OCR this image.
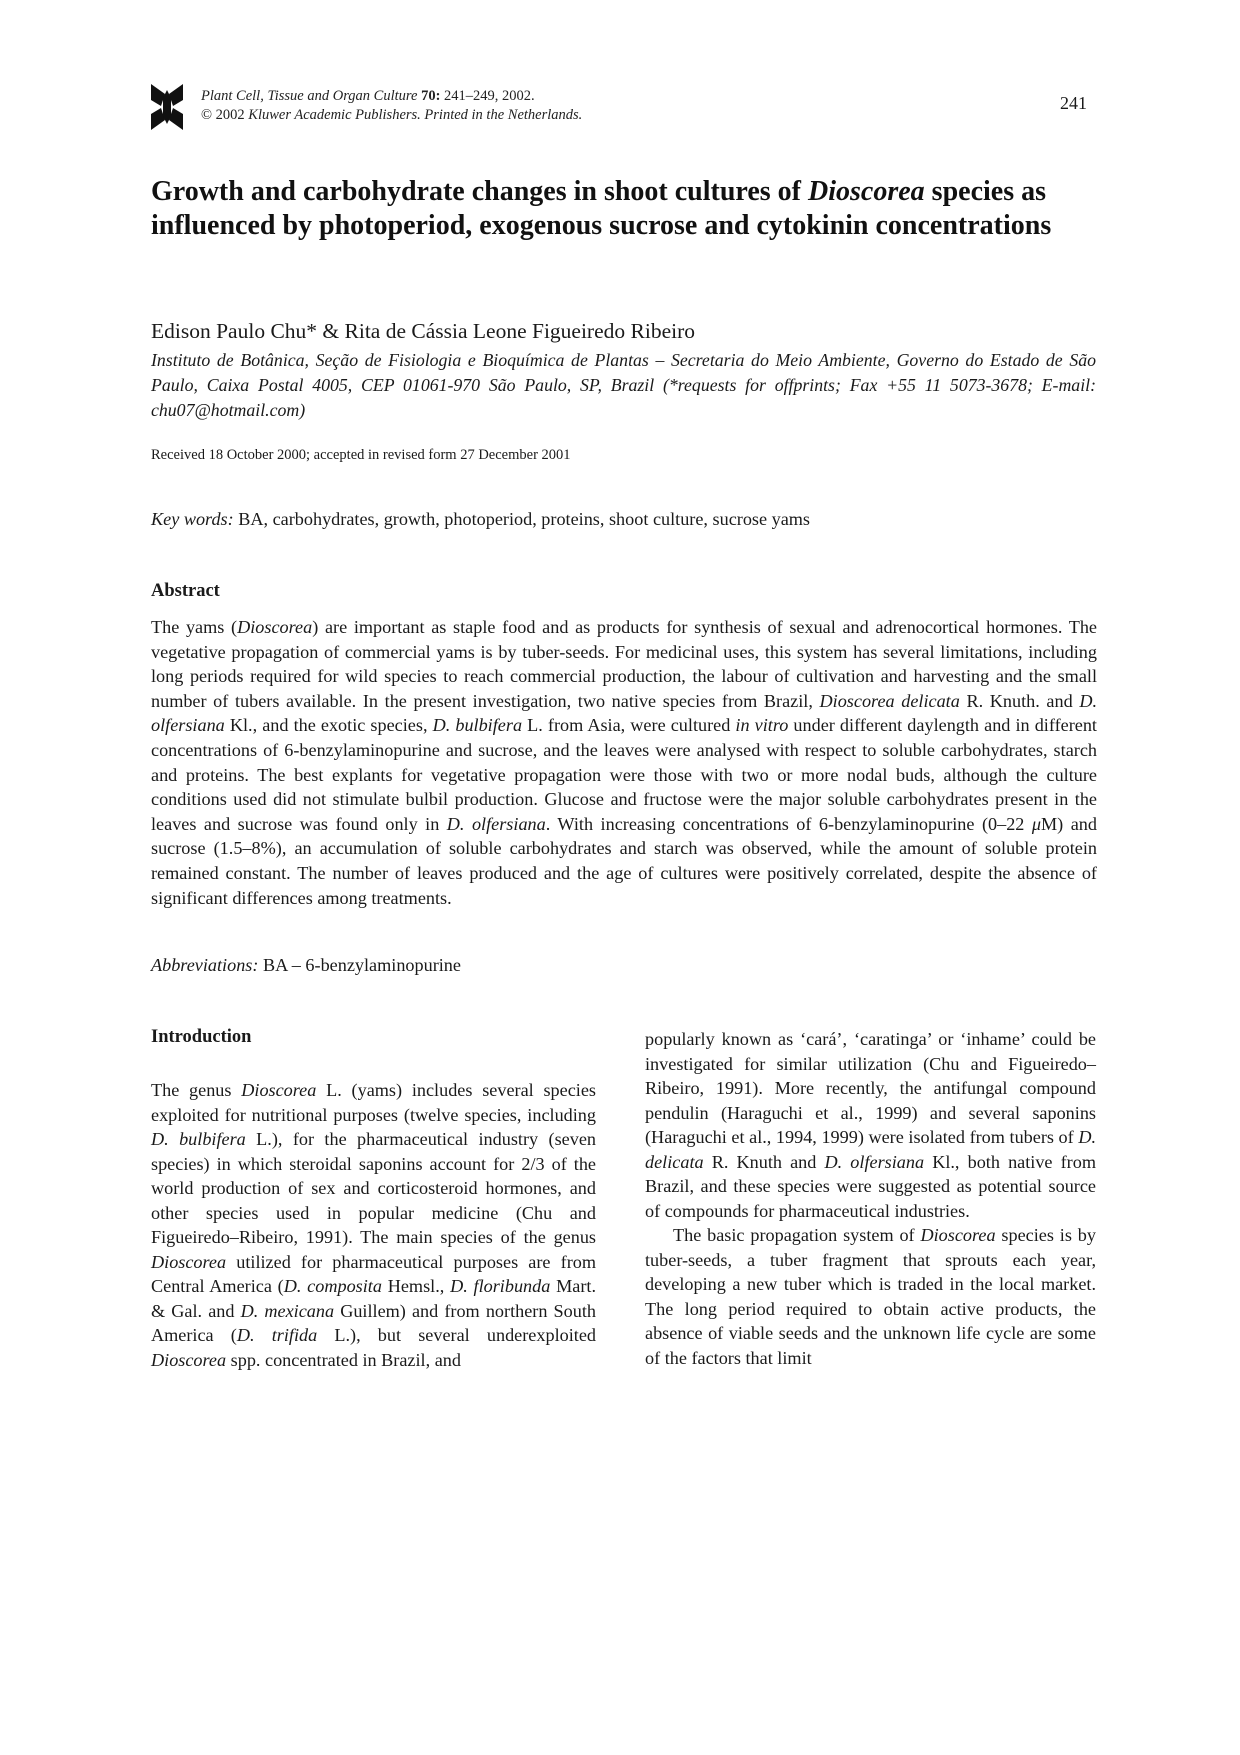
Plant Cell, Tissue and Organ Culture 70: 241–249, 2002.
© 2002 Kluwer Academic Publishers. Printed in the Netherlands.
241
Growth and carbohydrate changes in shoot cultures of Dioscorea species as influenced by photoperiod, exogenous sucrose and cytokinin concentrations
Edison Paulo Chu* & Rita de Cássia Leone Figueiredo Ribeiro

Instituto de Botânica, Seção de Fisiologia e Bioquímica de Plantas – Secretaria do Meio Ambiente, Governo do Estado de São Paulo, Caixa Postal 4005, CEP 01061-970 São Paulo, SP, Brazil (*requests for offprints; Fax +55 11 5073-3678; E-mail: chu07@hotmail.com)

Received 18 October 2000; accepted in revised form 27 December 2001
Key words: BA, carbohydrates, growth, photoperiod, proteins, shoot culture, sucrose yams
Abstract

The yams (Dioscorea) are important as staple food and as products for synthesis of sexual and adrenocortical hormones. The vegetative propagation of commercial yams is by tuber-seeds. For medicinal uses, this system has several limitations, including long periods required for wild species to reach commercial production, the labour of cultivation and harvesting and the small number of tubers available. In the present investigation, two native species from Brazil, Dioscorea delicata R. Knuth. and D. olfersiana Kl., and the exotic species, D. bulbifera L. from Asia, were cultured in vitro under different daylength and in different concentrations of 6-benzylaminopurine and sucrose, and the leaves were analysed with respect to soluble carbohydrates, starch and proteins. The best explants for vegetative propagation were those with two or more nodal buds, although the culture conditions used did not stimulate bulbil production. Glucose and fructose were the major soluble carbohydrates present in the leaves and sucrose was found only in D. olfersiana. With increasing concentrations of 6-benzylaminopurine (0–22 μM) and sucrose (1.5–8%), an accumulation of soluble carbohydrates and starch was observed, while the amount of soluble protein remained constant. The number of leaves produced and the age of cultures were positively correlated, despite the absence of significant differences among treatments.

Abbreviations: BA – 6-benzylaminopurine
Introduction

The genus Dioscorea L. (yams) includes several species exploited for nutritional purposes (twelve species, including D. bulbifera L.), for the pharmaceutical industry (seven species) in which steroidal saponins account for 2/3 of the world production of sex and corticosteroid hormones, and other species used in popular medicine (Chu and Figueiredo–Ribeiro, 1991). The main species of the genus Dioscorea utilized for pharmaceutical purposes are from Central America (D. composita Hemsl., D. floribunda Mart. & Gal. and D. mexicana Guillem) and from northern South America (D. trifida L.), but several underexploited Dioscorea spp. concentrated in Brazil, and

popularly known as ‘cará’, ‘caratinga’ or ‘inhame’ could be investigated for similar utilization (Chu and Figueiredo–Ribeiro, 1991). More recently, the antifungal compound pendulin (Haraguchi et al., 1999) and several saponins (Haraguchi et al., 1994, 1999) were isolated from tubers of D. delicata R. Knuth and D. olfersiana Kl., both native from Brazil, and these species were suggested as potential source of compounds for pharmaceutical industries.

The basic propagation system of Dioscorea species is by tuber-seeds, a tuber fragment that sprouts each year, developing a new tuber which is traded in the local market. The long period required to obtain active products, the absence of viable seeds and the unknown life cycle are some of the factors that limit
